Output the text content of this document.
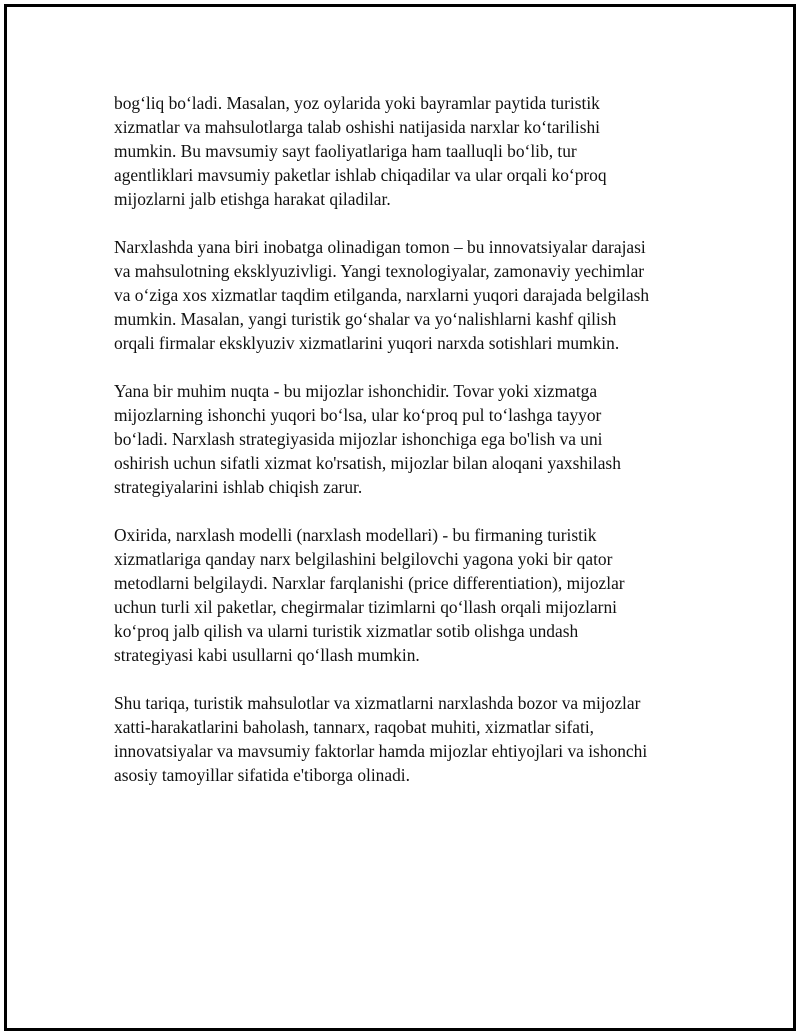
bog‘liq bo‘ladi. Masalan, yoz oylarida yoki bayramlar paytida turistik
xizmatlar va mahsulotlarga talab oshishi natijasida narxlar ko‘tarilishi
mumkin. Bu mavsumiy sayt faoliyatlariga ham taalluqli bo‘lib, tur
agentliklari mavsumiy paketlar ishlab chiqadilar va ular orqali ko‘proq
mijozlarni jalb etishga harakat qiladilar.

Narxlashda yana biri inobatga olinadigan tomon – bu innovatsiyalar darajasi
va mahsulotning eksklyuzivligi. Yangi texnologiyalar, zamonaviy yechimlar
va o‘ziga xos xizmatlar taqdim etilganda, narxlarni yuqori darajada belgilash
mumkin. Masalan, yangi turistik go‘shalar va yo‘nalishlarni kashf qilish
orqali firmalar eksklyuziv xizmatlarini yuqori narxda sotishlari mumkin.

Yana bir muhim nuqta - bu mijozlar ishonchidir. Tovar yoki xizmatga
mijozlarning ishonchi yuqori bo‘lsa, ular ko‘proq pul to‘lashga tayyor
bo‘ladi. Narxlash strategiyasida mijozlar ishonchiga ega bo'lish va uni
oshirish uchun sifatli xizmat ko'rsatish, mijozlar bilan aloqani yaxshilash
strategiyalarini ishlab chiqish zarur.

Oxirida, narxlash modelli (narxlash modellari) - bu firmaning turistik
xizmatlariga qanday narx belgilashini belgilovchi yagona yoki bir qator
metodlarni belgilaydi. Narxlar farqlanishi (price differentiation), mijozlar
uchun turli xil paketlar, chegirmalar tizimlarni qo‘llash orqali mijozlarni
ko‘proq jalb qilish va ularni turistik xizmatlar sotib olishga undash
strategiyasi kabi usullarni qo‘llash mumkin.

Shu tariqa, turistik mahsulotlar va xizmatlarni narxlashda bozor va mijozlar
xatti-harakatlarini baholash, tannarx, raqobat muhiti, xizmatlar sifati,
innovatsiyalar va mavsumiy faktorlar hamda mijozlar ehtiyojlari va ishonchi
asosiy tamoyillar sifatida e'tiborga olinadi.
